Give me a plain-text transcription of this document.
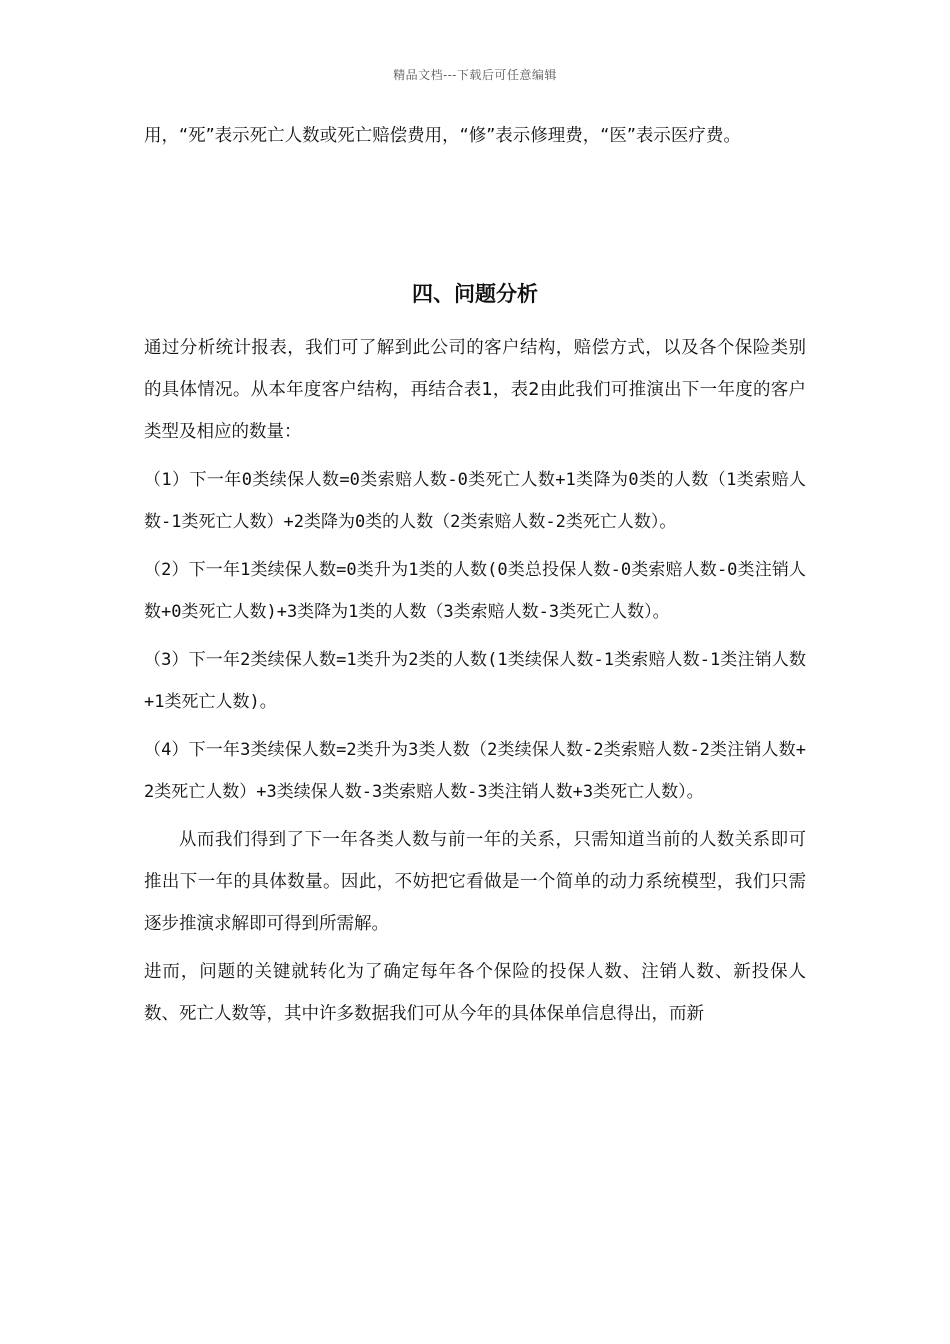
精品文档---下载后可任意编辑

用，“死”表示死亡人数或死亡赔偿费用，“修”表示修理费，“医”表示医疗费。

四、问题分析

通过分析统计报表，我们可了解到此公司的客户结构，赔偿方式，以及各个保险类别的具体情况。从本年度客户结构，再结合表1，表2由此我们可推演出下一年度的客户类型及相应的数量：

（1）下一年0类续保人数=0类索赔人数-0类死亡人数+1类降为0类的人数（1类索赔人数-1类死亡人数）+2类降为0类的人数（2类索赔人数-2类死亡人数）。

（2）下一年1类续保人数=0类升为1类的人数(0类总投保人数-0类索赔人数-0类注销人数+0类死亡人数)+3类降为1类的人数（3类索赔人数-3类死亡人数）。

（3）下一年2类续保人数=1类升为2类的人数(1类续保人数-1类索赔人数-1类注销人数+1类死亡人数)。

（4）下一年3类续保人数=2类升为3类人数（2类续保人数-2类索赔人数-2类注销人数+2类死亡人数）+3类续保人数-3类索赔人数-3类注销人数+3类死亡人数）。

从而我们得到了下一年各类人数与前一年的关系，只需知道当前的人数关系即可推出下一年的具体数量。因此，不妨把它看做是一个简单的动力系统模型，我们只需逐步推演求解即可得到所需解。

进而，问题的关键就转化为了确定每年各个保险的投保人数、注销人数、新投保人数、死亡人数等，其中许多数据我们可从今年的具体保单信息得出，而新
